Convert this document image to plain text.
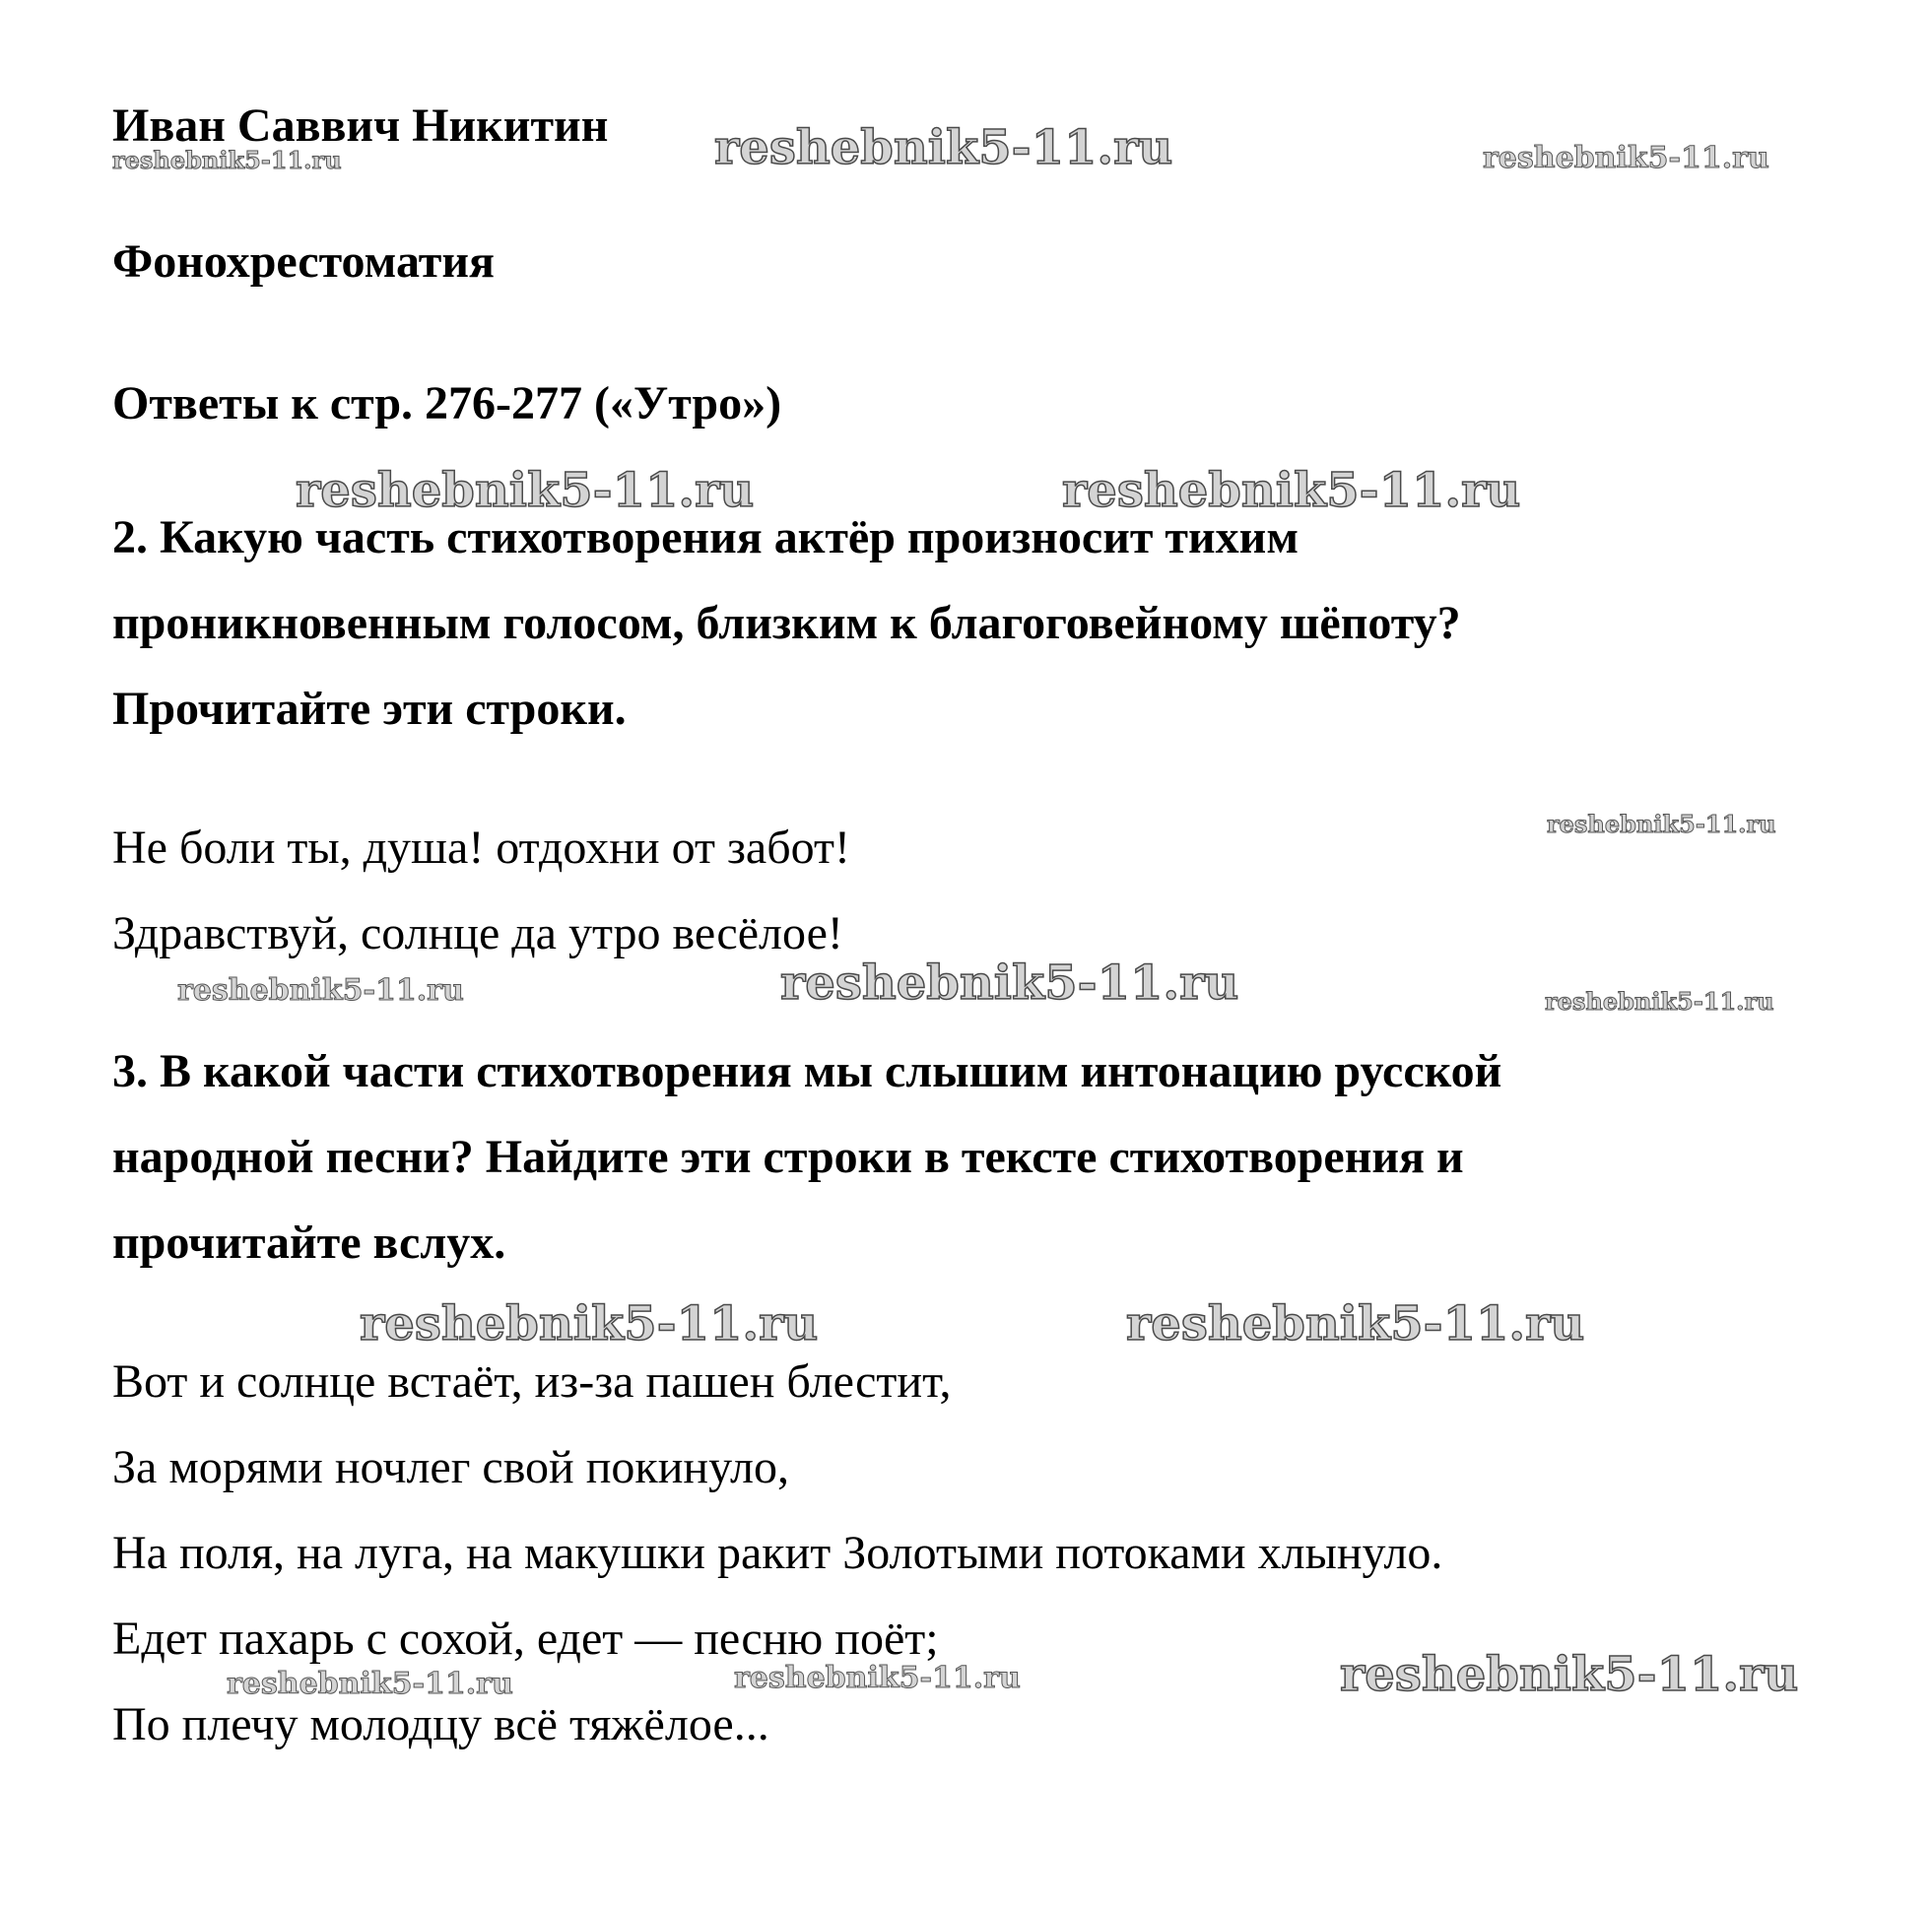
reshebnik5-11.ru	reshebnik5-11.ru	reshebnik5-11.ru
reshebnik5-11.ru	reshebnik5-11.ru
reshebnik5-11.ru
reshebnik5-11.ru	reshebnik5-11.ru	reshebnik5-11.ru
reshebnik5-11.ru	reshebnik5-11.ru
reshebnik5-11.ru	reshebnik5-11.ru	reshebnik5-11.ru
Иван Саввич Никитин
Фонохрестоматия
Ответы к стр. 276-277 («Утро»)
2. Какую часть стихотворения актёр произносит тихим
проникновенным голосом, близким к благоговейному шёпоту?
Прочитайте эти строки.
Не боли ты, душа! отдохни от забот!
Здравствуй, солнце да утро весёлое!
3. В какой части стихотворения мы слышим интонацию русской
народной песни? Найдите эти строки в тексте стихотворения и
прочитайте вслух.
Вот и солнце встаёт, из-за пашен блестит,
За морями ночлег свой покинуло,
На поля, на луга, на макушки ракит Золотыми потоками хлынуло.
Едет пахарь с сохой, едет — песню поёт;
По плечу молодцу всё тяжёлое...
